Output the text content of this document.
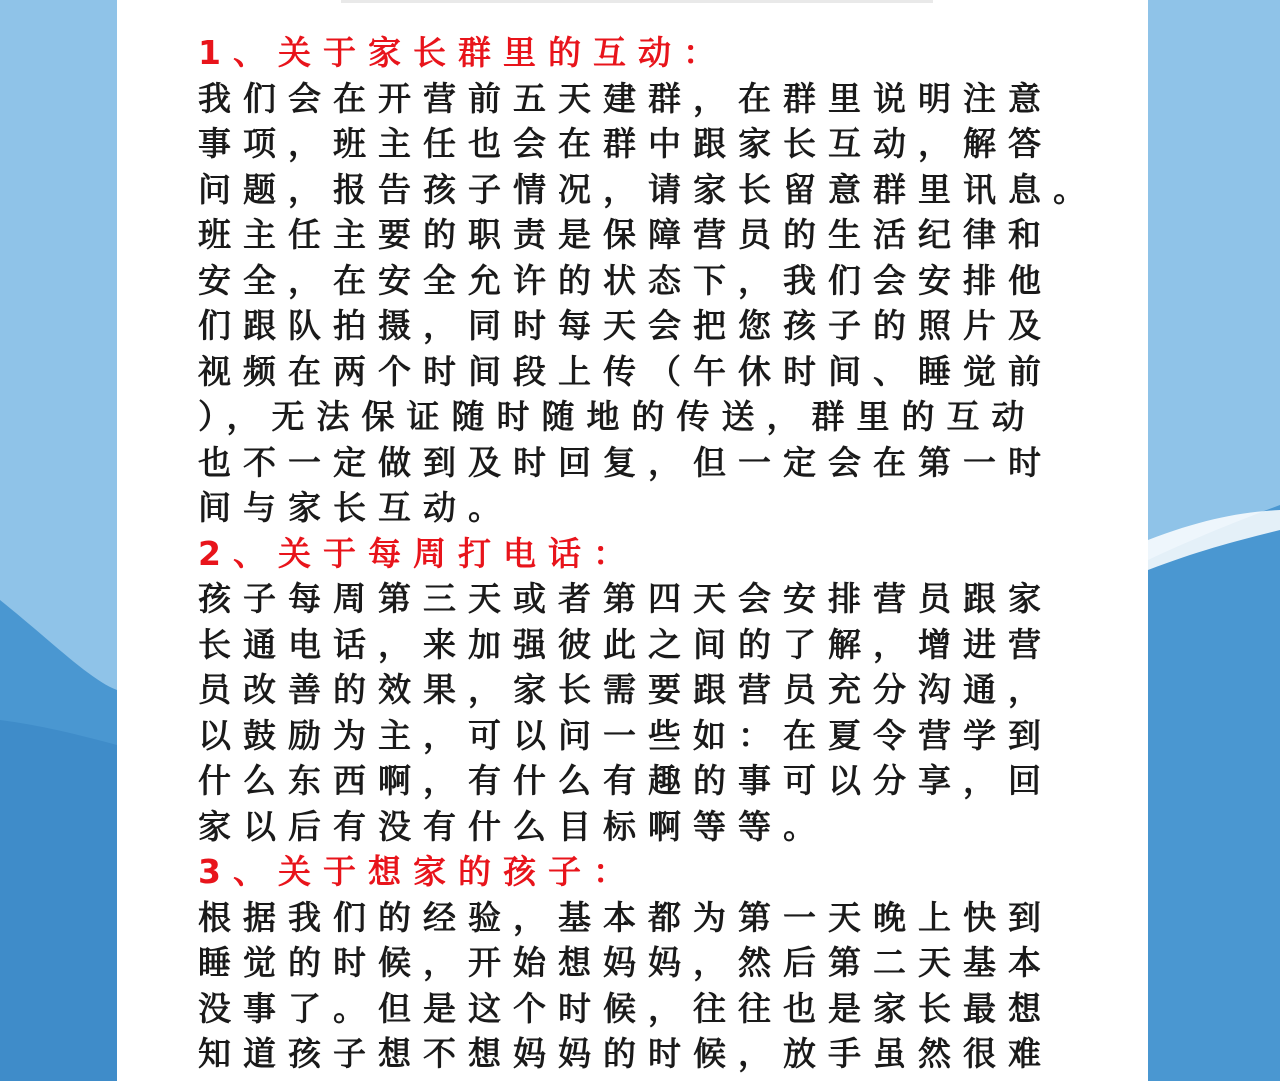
1、关于家长群里的互动：
我们会在开营前五天建群，在群里说明注意
事项，班主任也会在群中跟家长互动，解答
问题，报告孩子情况，请家长留意群里讯息。
班主任主要的职责是保障营员的生活纪律和
安全，在安全允许的状态下，我们会安排他
们跟队拍摄，同时每天会把您孩子的照片及
视频在两个时间段上传（午休时间、睡觉前
），无法保证随时随地的传送，群里的互动
也不一定做到及时回复，但一定会在第一时
间与家长互动。
2、关于每周打电话：
孩子每周第三天或者第四天会安排营员跟家
长通电话，来加强彼此之间的了解，增进营
员改善的效果，家长需要跟营员充分沟通，
以鼓励为主，可以问一些如：在夏令营学到
什么东西啊，有什么有趣的事可以分享，回
家以后有没有什么目标啊等等。
3、关于想家的孩子：
根据我们的经验，基本都为第一天晚上快到
睡觉的时候，开始想妈妈，然后第二天基本
没事了。但是这个时候，往往也是家长最想
知道孩子想不想妈妈的时候，放手虽然很难
